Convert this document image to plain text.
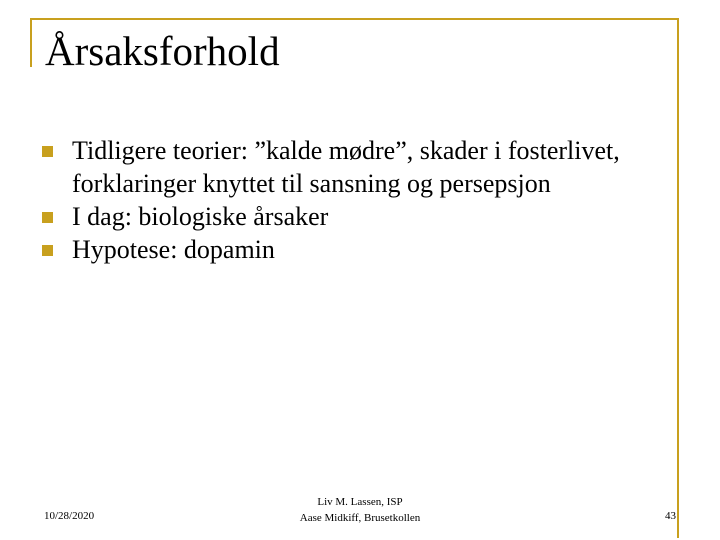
Årsaksforhold
Tidligere teorier: ”kalde mødre”, skader i fosterlivet, forklaringer knyttet til sansning og persepsjon
I dag: biologiske årsaker
Hypotese: dopamin
10/28/2020
Liv M. Lassen, ISP
Aase Midkiff, Brusetkollen	43
